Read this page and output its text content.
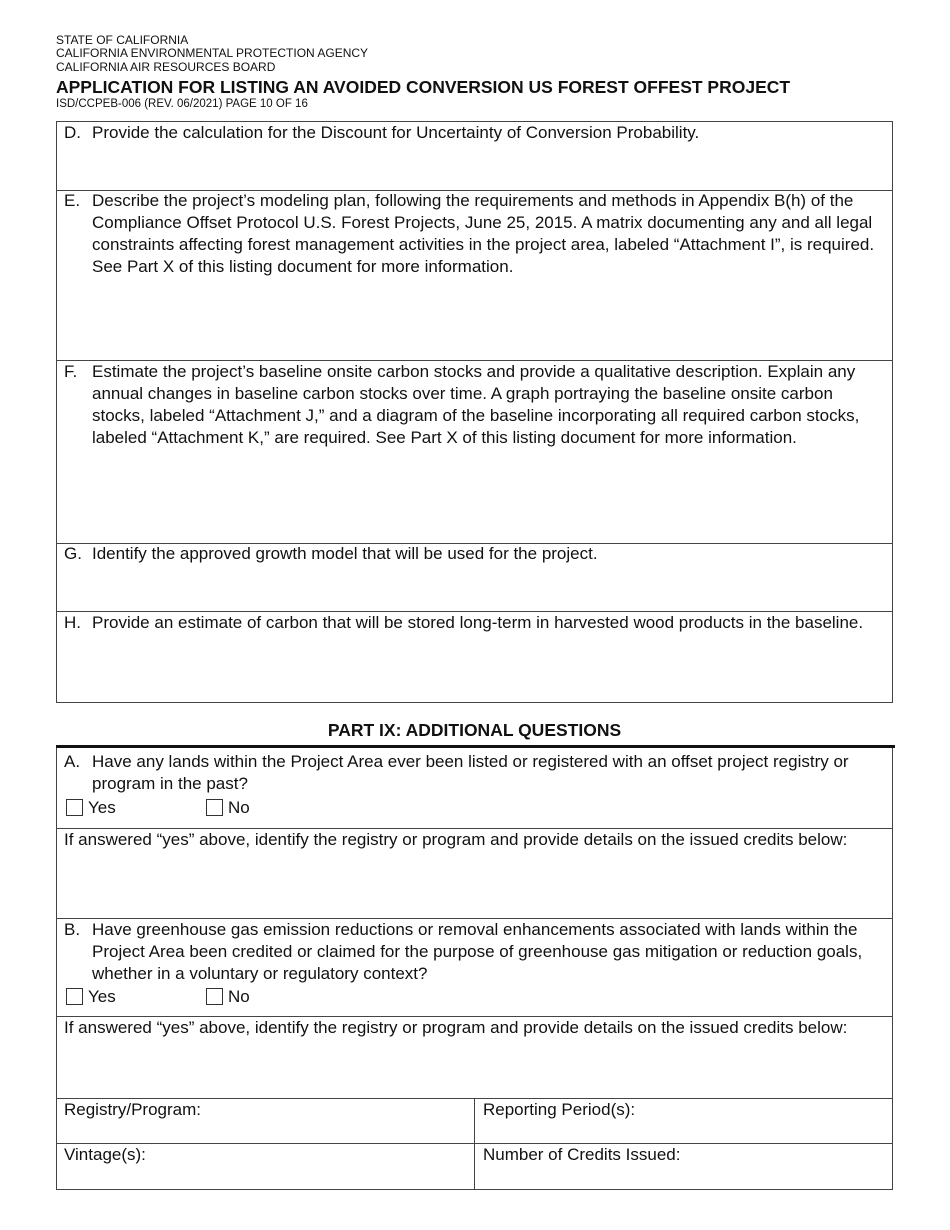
STATE OF CALIFORNIA
CALIFORNIA ENVIRONMENTAL PROTECTION AGENCY
CALIFORNIA AIR RESOURCES BOARD
APPLICATION FOR LISTING AN AVOIDED CONVERSION US FOREST OFFEST PROJECT
ISD/CCPEB-006 (REV. 06/2021) PAGE 10 OF 16
D. Provide the calculation for the Discount for Uncertainty of Conversion Probability.
E. Describe the project’s modeling plan, following the requirements and methods in Appendix B(h) of the Compliance Offset Protocol U.S. Forest Projects, June 25, 2015. A matrix documenting any and all legal constraints affecting forest management activities in the project area, labeled “Attachment I”, is required. See Part X of this listing document for more information.
F. Estimate the project’s baseline onsite carbon stocks and provide a qualitative description. Explain any annual changes in baseline carbon stocks over time. A graph portraying the baseline onsite carbon stocks, labeled “Attachment J,” and a diagram of the baseline incorporating all required carbon stocks, labeled “Attachment K,” are required. See Part X of this listing document for more information.
G. Identify the approved growth model that will be used for the project.
H. Provide an estimate of carbon that will be stored long-term in harvested wood products in the baseline.
PART IX: ADDITIONAL QUESTIONS
A. Have any lands within the Project Area ever been listed or registered with an offset project registry or program in the past?
Yes	No
If answered “yes” above, identify the registry or program and provide details on the issued credits below:
B. Have greenhouse gas emission reductions or removal enhancements associated with lands within the Project Area been credited or claimed for the purpose of greenhouse gas mitigation or reduction goals, whether in a voluntary or regulatory context?
Yes	No
If answered “yes” above, identify the registry or program and provide details on the issued credits below:
Registry/Program:	Reporting Period(s):
Vintage(s):	Number of Credits Issued:
